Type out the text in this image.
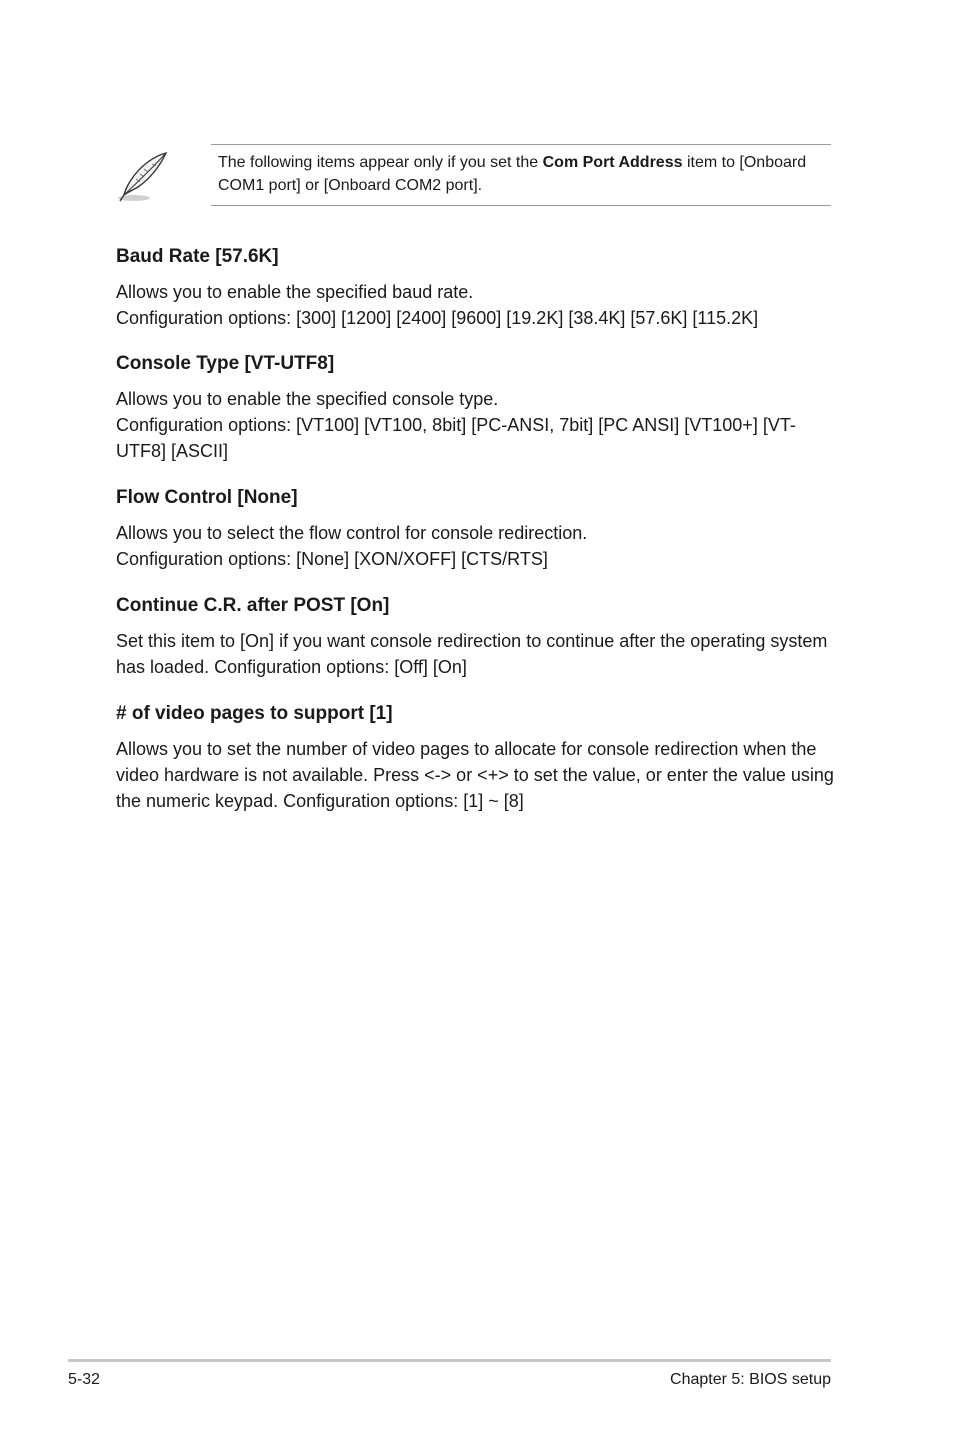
The following items appear only if you set the Com Port Address item to [Onboard COM1 port] or [Onboard COM2 port].
Baud Rate [57.6K]

Allows you to enable the specified baud rate.

Configuration options: [300] [1200] [2400] [9600] [19.2K] [38.4K] [57.6K] [115.2K]

Console Type [VT-UTF8]

Allows you to enable the specified console type.

Configuration options: [VT100] [VT100, 8bit] [PC-ANSI, 7bit] [PC ANSI] [VT100+] [VT-UTF8] [ASCII]

Flow Control [None]

Allows you to select the flow control for console redirection.

Configuration options: [None] [XON/XOFF] [CTS/RTS]

Continue C.R. after POST [On]

Set this item to [On] if you want console redirection to continue after the operating system has loaded. Configuration options: [Off] [On]

# of video pages to support [1]

Allows you to set the number of video pages to allocate for console redirection when the video hardware is not available. Press <-> or <+> to set the value, or enter the value using the numeric keypad. Configuration options: [1] ~ [8]

5-32	Chapter 5: BIOS setup
